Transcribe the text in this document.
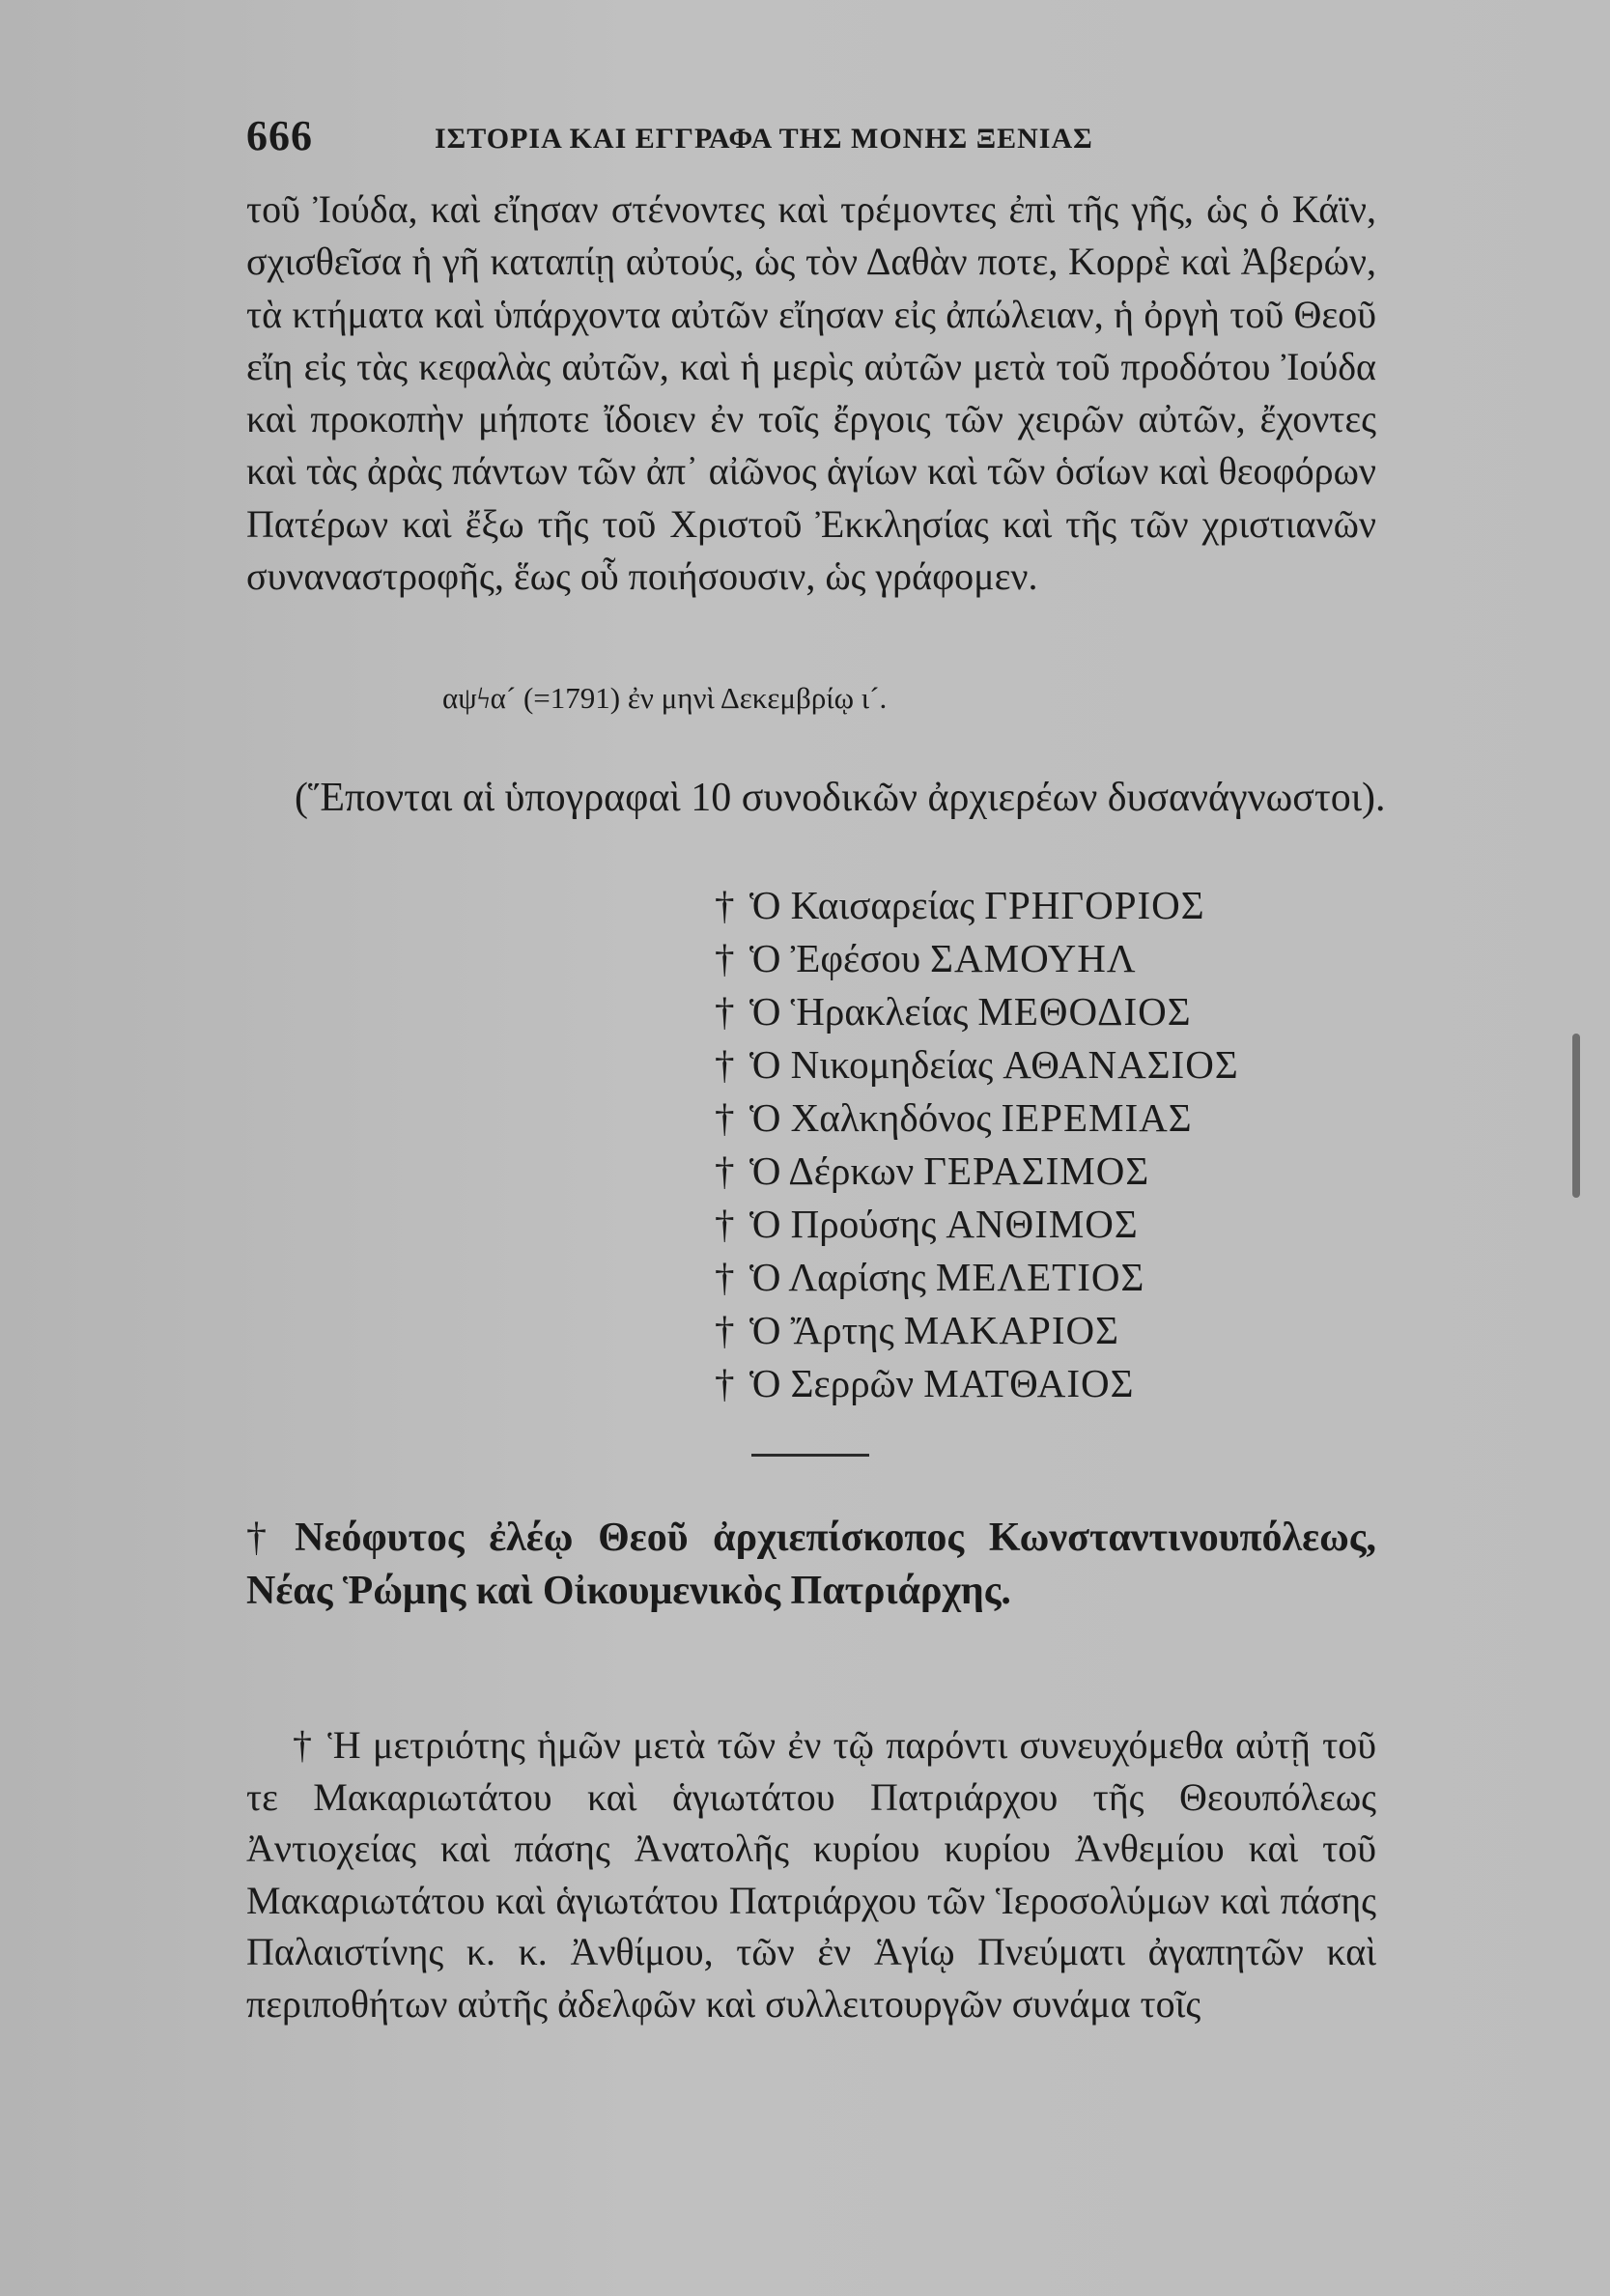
666	ΙΣΤΟΡΙΑ ΚΑΙ ΕΓΓΡΑΦΑ ΤΗΣ ΜΟΝΗΣ ΞΕΝΙΑΣ

τοῦ Ἰούδα, καὶ εἴησαν στένοντες καὶ τρέμοντες ἐπὶ τῆς γῆς, ὡς ὁ Κάϊν, σχισθεῖσα ἡ γῆ καταπίῃ αὐτούς, ὡς τὸν Δαθὰν ποτε, Κορρὲ καὶ Ἀβερών, τὰ κτήματα καὶ ὑπάρχοντα αὐτῶν εἴησαν εἰς ἀπώλειαν, ἡ ὀργὴ τοῦ Θεοῦ εἴη εἰς τὰς κεφαλὰς αὐτῶν, καὶ ἡ μερὶς αὐτῶν μετὰ τοῦ προδότου Ἰούδα καὶ προκοπὴν μήποτε ἴδοιεν ἐν τοῖς ἔργοις τῶν χειρῶν αὐτῶν, ἔχοντες καὶ τὰς ἀρὰς πάντων τῶν ἀπ᾽ αἰῶνος ἁγίων καὶ τῶν ὁσίων καὶ θεοφόρων Πατέρων καὶ ἔξω τῆς τοῦ Χριστοῦ Ἐκκλησίας καὶ τῆς τῶν χριστιανῶν συναναστροφῆς, ἕως οὗ ποιήσουσιν, ὡς γράφομεν.

αψϟα´ (=1791) ἐν μηνὶ Δεκεμβρίῳ ι´.
(Ἕπονται αἱ ὑπογραφαὶ 10 συνοδικῶν ἀρχιερέων δυσανάγνωστοι).
† Ὁ Καισαρείας ΓΡΗΓΟΡΙΟΣ
† Ὁ Ἐφέσου ΣΑΜΟΥΗΛ
† Ὁ Ἡρακλείας ΜΕΘΟΔΙΟΣ
† Ὁ Νικομηδείας ΑΘΑΝΑΣΙΟΣ
† Ὁ Χαλκηδόνος ΙΕΡΕΜΙΑΣ
† Ὁ Δέρκων ΓΕΡΑΣΙΜΟΣ
† Ὁ Προύσης ΑΝΘΙΜΟΣ
† Ὁ Λαρίσης ΜΕΛΕΤΙΟΣ
† Ὁ Ἄρτης ΜΑΚΑΡΙΟΣ
† Ὁ Σερρῶν ΜΑΤΘΑΙΟΣ
† Νεόφυτος ἐλέῳ Θεοῦ ἀρχιεπίσκοπος Κωνσταντινουπόλεως, Νέας Ῥώμης καὶ Οἰκουμενικὸς Πατριάρχης.

† Ἡ μετριότης ἡμῶν μετὰ τῶν ἐν τῷ παρόντι συνευχόμεθα αὐτῇ τοῦ τε Μακαριωτάτου καὶ ἁγιωτάτου Πατριάρχου τῆς Θεουπόλεως Ἀντιοχείας καὶ πάσης Ἀνατολῆς κυρίου κυρίου Ἀνθεμίου καὶ τοῦ Μακαριωτάτου καὶ ἁγιωτάτου Πατριάρχου τῶν Ἱεροσολύμων καὶ πάσης Παλαιστίνης κ. κ. Ἀνθίμου, τῶν ἐν Ἁγίῳ Πνεύματι ἀγαπητῶν καὶ περιποθήτων αὐτῆς ἀδελφῶν καὶ συλλειτουργῶν συνάμα τοῖς
